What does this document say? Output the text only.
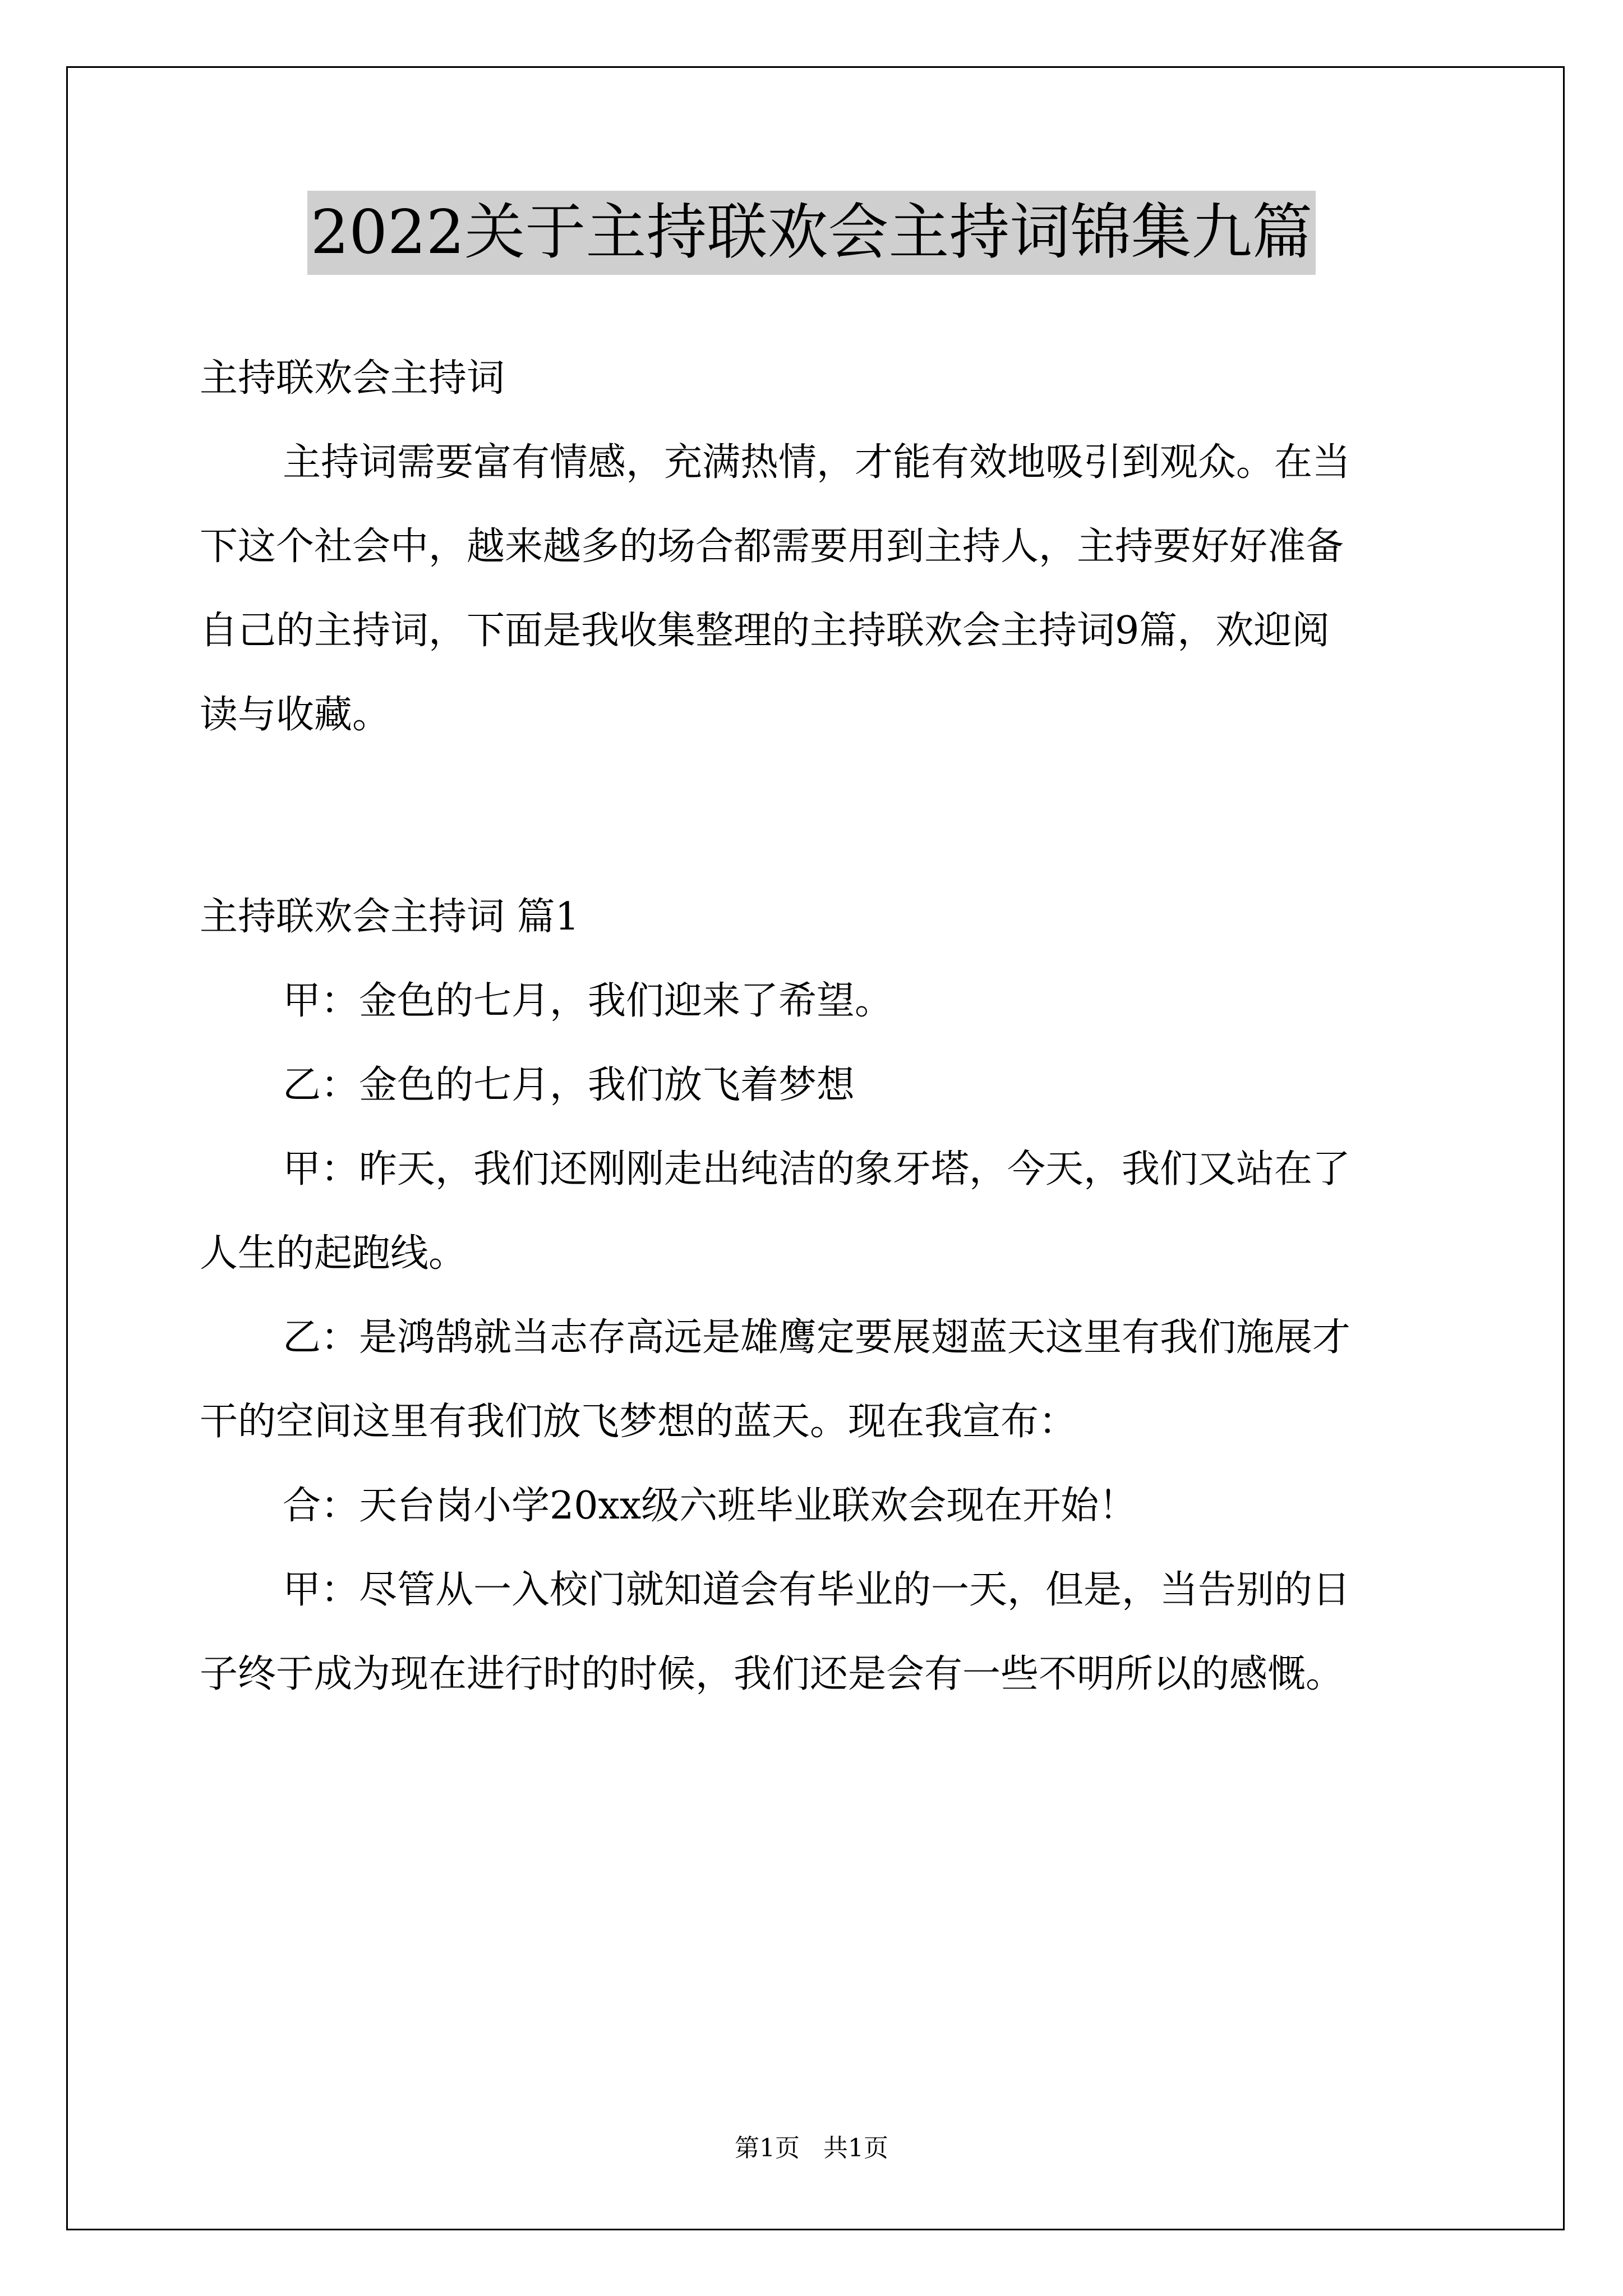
2022关于主持联欢会主持词锦集九篇

主持联欢会主持词

主持词需要富有情感，充满热情，才能有效地吸引到观众。在当

下这个社会中，越来越多的场合都需要用到主持人，主持要好好准备

自己的主持词，下面是我收集整理的主持联欢会主持词9篇，欢迎阅

读与收藏。

主持联欢会主持词 篇1

甲：金色的七月，我们迎来了希望。

乙：金色的七月，我们放飞着梦想

甲：昨天，我们还刚刚走出纯洁的象牙塔，今天，我们又站在了

人生的起跑线。

乙：是鸿鹄就当志存高远是雄鹰定要展翅蓝天这里有我们施展才

干的空间这里有我们放飞梦想的蓝天。现在我宣布：

合：天台岗小学20xx级六班毕业联欢会现在开始！

甲：尽管从一入校门就知道会有毕业的一天，但是，当告别的日

子终于成为现在进行时的时候，我们还是会有一些不明所以的感慨。

第1页 共1页
